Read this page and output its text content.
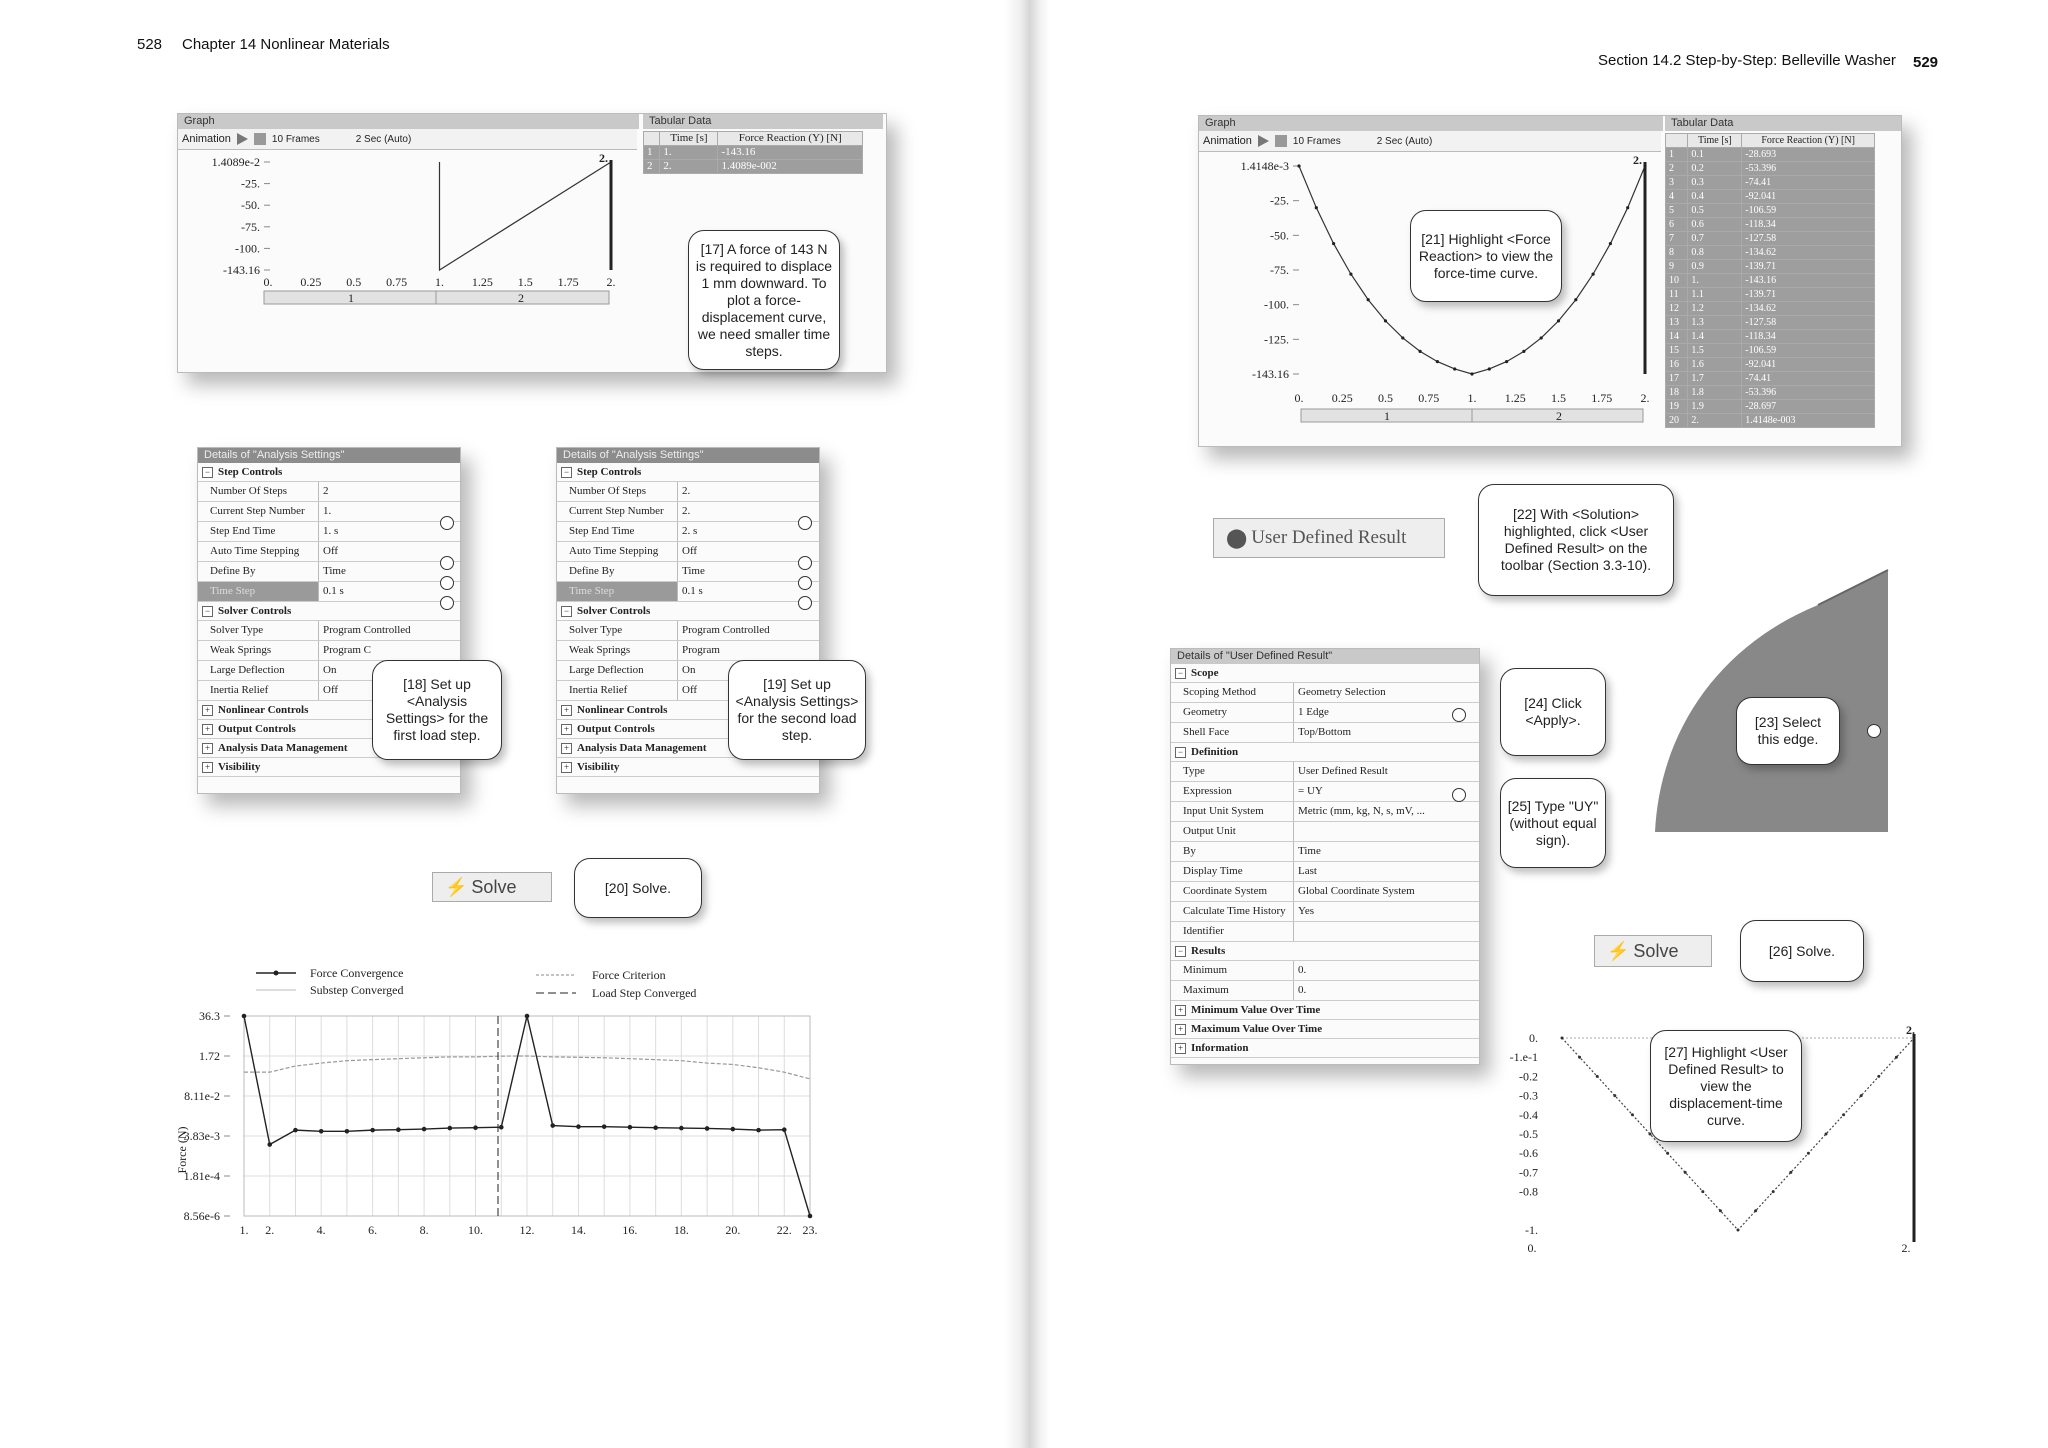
528 Chapter 14 Nonlinear Materials
Section 14.2 Step-by-Step: Belleville Washer 529
Graph
Animation	10 Frames	2 Sec (Auto)
1.4089e-2
-25.
-50.
-75.
-100.
-143.16
0. 0.25 0.5 0.75 1. 1.25 1.5 1.75 2.
2.
1	2
Tabular Data
	Time [s]	Force Reaction (Y) [N]
1	1.	-143.16
2	2.	1.4089e-002
[17] A force of 143 N is required to displace 1 mm downward. To plot a force-displacement curve, we need smaller time steps.
Details of "Analysis Settings"
− Step Controls
Number Of Steps	2
Current Step Number	1.
Step End Time	1. s
Auto Time Stepping	Off
Define By	Time
Time Step	0.1 s
− Solver Controls
Solver Type	Program Controlled
Weak Springs	Program C
Large Deflection	On
Inertia Relief	Off
+ Nonlinear Controls
+ Output Controls
+ Analysis Data Management
+ Visibility
[18] Set up <Analysis Settings> for the first load step.
Details of "Analysis Settings"
− Step Controls
Number Of Steps	2.
Current Step Number	2.
Step End Time	2. s
Auto Time Stepping	Off
Define By	Time
Time Step	0.1 s
− Solver Controls
Solver Type	Program Controlled
Weak Springs	Program
Large Deflection	On
Inertia Relief	Off
+ Nonlinear Controls
+ Output Controls
+ Analysis Data Management
+ Visibility
[19] Set up <Analysis Settings> for the second load step.
⚡ Solve	[20] Solve.
Force Convergence	Force Criterion
Substep Converged	Load Step Converged
36.3
1.72
8.11e-2
3.83e-3
1.81e-4
8.56e-6
1. 2.	4.	6.	8.	10.	12.	14.	16.	18.	20.	22. 23.
Force (N)
Graph
Animation	10 Frames	2 Sec (Auto)
1.4148e-3
-25.
-50.
-75.
-100.
-125.
-143.16
0. 0.25 0.5 0.75 1. 1.25 1.5 1.75 2.
2.
1	2
Tabular Data
	Time [s]	Force Reaction (Y) [N]
1	0.1	-28.693
2	0.2	-53.396
3	0.3	-74.41
4	0.4	-92.041
5	0.5	-106.59
6	0.6	-118.34
7	0.7	-127.58
8	0.8	-134.62
9	0.9	-139.71
10	1.	-143.16
11	1.1	-139.71
12	1.2	-134.62
13	1.3	-127.58
14	1.4	-118.34
15	1.5	-106.59
16	1.6	-92.041
17	1.7	-74.41
18	1.8	-53.396
19	1.9	-28.697
20	2.	1.4148e-003
[21] Highlight <Force Reaction> to view the force-time curve.
⬤ User Defined Result
[22] With <Solution> highlighted, click <User Defined Result> on the toolbar (Section 3.3-10).
[23] Select this edge.
Details of "User Defined Result"
− Scope
Scoping Method	Geometry Selection
Geometry	1 Edge
Shell Face	Top/Bottom
− Definition
Type	User Defined Result
Expression	= UY
Input Unit System	Metric (mm, kg, N, s, mV, ...
Output Unit
By	Time
Display Time	Last
Coordinate System	Global Coordinate System
Calculate Time History	Yes
Identifier
− Results
Minimum	0.
Maximum	0.
+ Minimum Value Over Time
+ Maximum Value Over Time
+ Information
[24] Click <Apply>.
[25] Type "UY" (without equal sign).
⚡ Solve	[26] Solve.
0.
-1.e-1
-0.2
-0.3
-0.4
-0.5
-0.6
-0.7
-0.8
-1.
0.	2.
2.
[27] Highlight <User Defined Result> to view the displacement-time curve.
